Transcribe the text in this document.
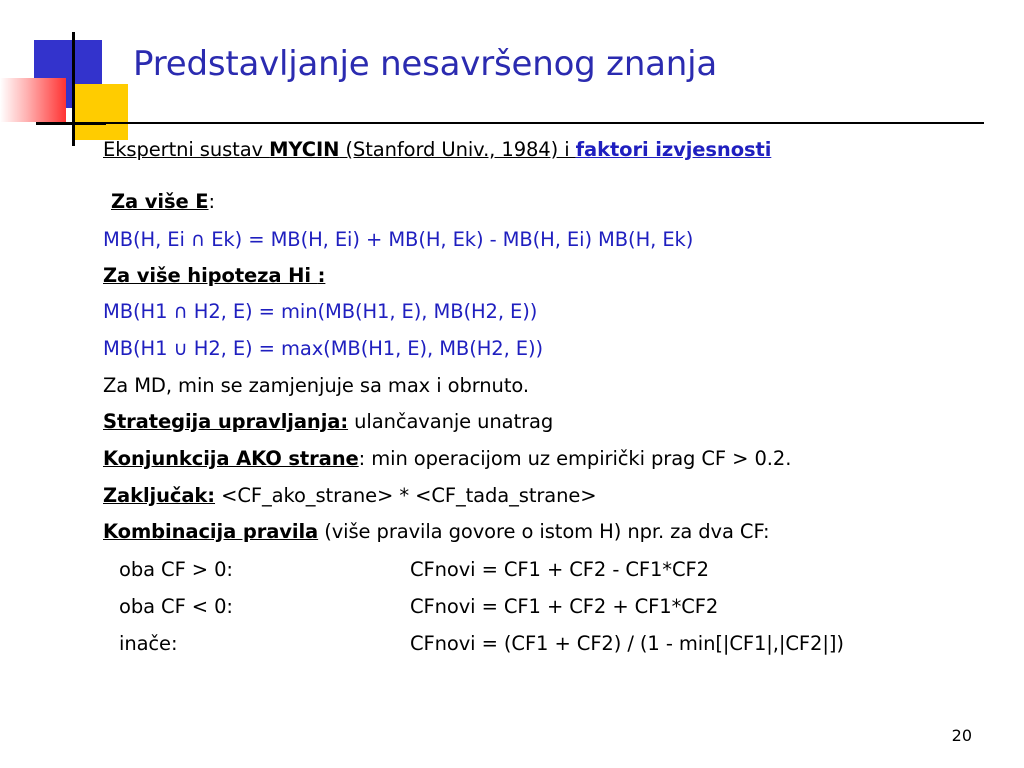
Predstavljanje nesavršenog znanja
Ekspertni sustav MYCIN (Stanford Univ., 1984) i faktori izvjesnosti
Za više E:
MB(H, Ei ∩ Ek) = MB(H, Ei) + MB(H, Ek) - MB(H, Ei) MB(H, Ek)
Za više hipoteza Hi :
MB(H1 ∩ H2, E) = min(MB(H1, E), MB(H2, E))
MB(H1 ∪ H2, E) = max(MB(H1, E), MB(H2, E))
Za MD, min se zamjenjuje sa max i obrnuto.
Strategija upravljanja: ulančavanje unatrag
Konjunkcija AKO strane: min operacijom uz empirički prag CF > 0.2.
Zaključak: <CF_ako_strane> * <CF_tada_strane>
Kombinacija pravila (više pravila govore o istom H) npr. za dva CF:
oba CF > 0:	CFnovi = CF1 + CF2 - CF1*CF2
oba CF < 0:	CFnovi = CF1 + CF2 + CF1*CF2
inače:	CFnovi = (CF1 + CF2) / (1 - min[|CF1|,|CF2|])
20
